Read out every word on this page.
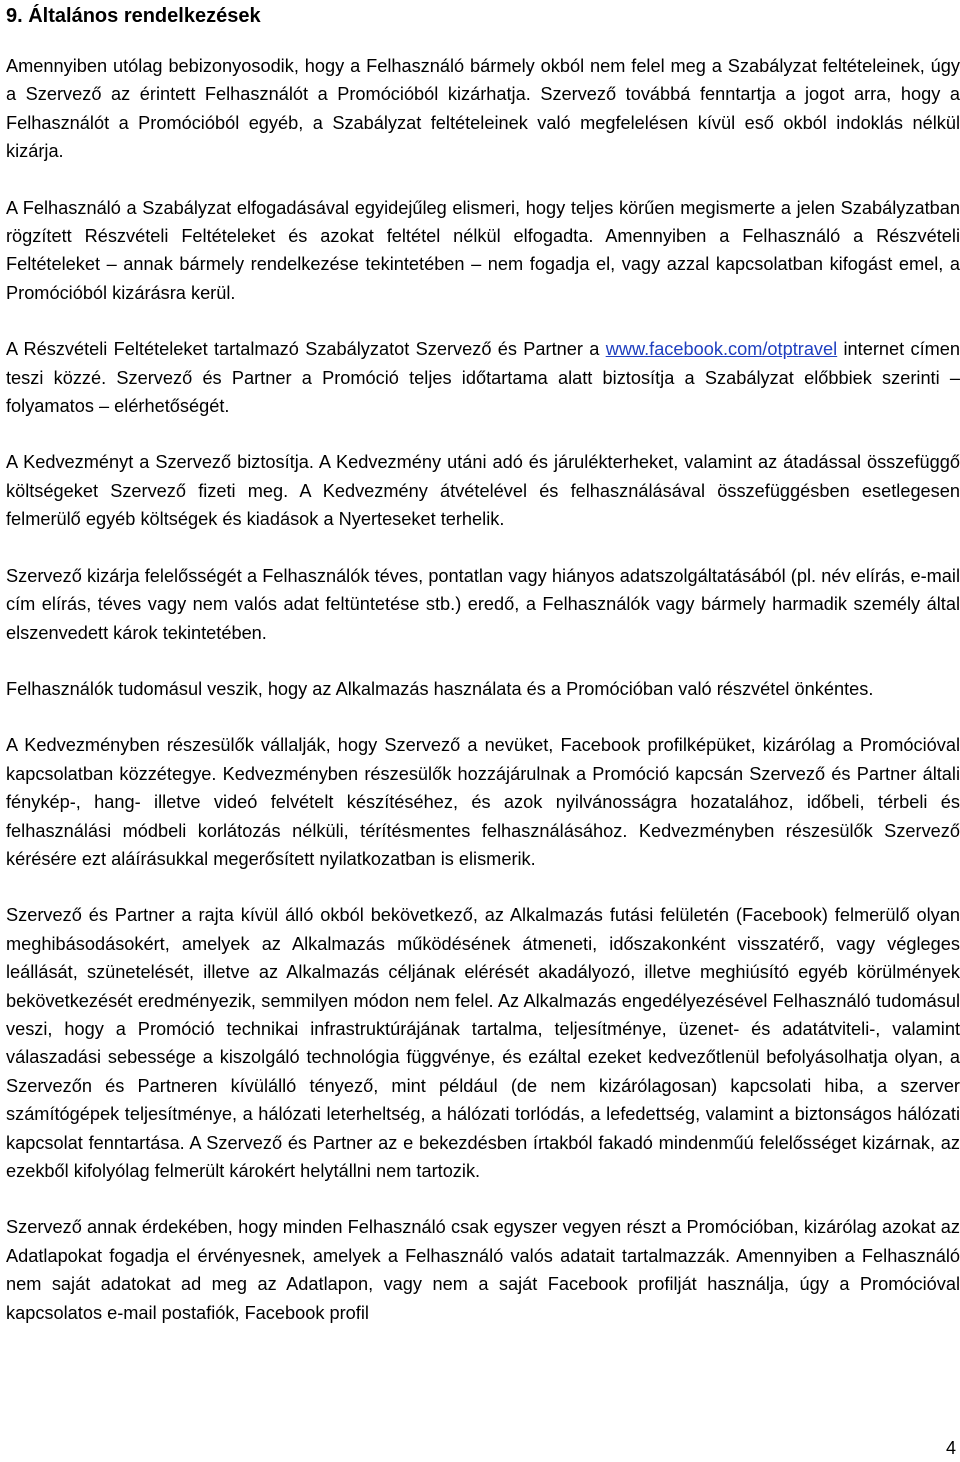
9. Általános rendelkezések

Amennyiben utólag bebizonyosodik, hogy a Felhasználó bármely okból nem felel meg a Szabályzat feltételeinek, úgy a Szervező az érintett Felhasználót a Promócióból kizárhatja. Szervező továbbá fenntartja a jogot arra, hogy a Felhasználót a Promócióból egyéb, a Szabályzat feltételeinek való megfelelésen kívül eső okból indoklás nélkül kizárja.

A Felhasználó a Szabályzat elfogadásával egyidejűleg elismeri, hogy teljes körűen megismerte a jelen Szabályzatban rögzített Részvételi Feltételeket és azokat feltétel nélkül elfogadta. Amennyiben a Felhasználó a Részvételi Feltételeket – annak bármely rendelkezése tekintetében – nem fogadja el, vagy azzal kapcsolatban kifogást emel, a Promócióból kizárásra kerül.

A Részvételi Feltételeket tartalmazó Szabályzatot Szervező és Partner a www.facebook.com/otptravel internet címen teszi közzé. Szervező és Partner a Promóció teljes időtartama alatt biztosítja a Szabályzat előbbiek szerinti – folyamatos – elérhetőségét.

A Kedvezményt a Szervező biztosítja. A Kedvezmény utáni adó és járulékterheket, valamint az átadással összefüggő költségeket Szervező fizeti meg. A Kedvezmény átvételével és felhasználásával összefüggésben esetlegesen felmerülő egyéb költségek és kiadások a Nyerteseket terhelik.

Szervező kizárja felelősségét a Felhasználók téves, pontatlan vagy hiányos adatszolgáltatásából (pl. név elírás, e-mail cím elírás, téves vagy nem valós adat feltüntetése stb.) eredő, a Felhasználók vagy bármely harmadik személy által elszenvedett károk tekintetében.

Felhasználók tudomásul veszik, hogy az Alkalmazás használata és a Promócióban való részvétel önkéntes.

A Kedvezményben részesülők vállalják, hogy Szervező a nevüket, Facebook profilképüket, kizárólag a Promócióval kapcsolatban közzétegye. Kedvezményben részesülők hozzájárulnak a Promóció kapcsán Szervező és Partner általi fénykép-, hang- illetve videó felvételt készítéséhez, és azok nyilvánosságra hozatalához, időbeli, térbeli és felhasználási módbeli korlátozás nélküli, térítésmentes felhasználásához. Kedvezményben részesülők Szervező kérésére ezt aláírásukkal megerősített nyilatkozatban is elismerik.

Szervező és Partner a rajta kívül álló okból bekövetkező, az Alkalmazás futási felületén (Facebook) felmerülő olyan meghibásodásokért, amelyek az Alkalmazás működésének átmeneti, időszakonként visszatérő, vagy végleges leállását, szünetelését, illetve az Alkalmazás céljának elérését akadályozó, illetve meghiúsító egyéb körülmények bekövetkezését eredményezik, semmilyen módon nem felel. Az Alkalmazás engedélyezésével Felhasználó tudomásul veszi, hogy a Promóció technikai infrastruktúrájának tartalma, teljesítménye, üzenet- és adatátviteli-, valamint válaszadási sebessége a kiszolgáló technológia függvénye, és ezáltal ezeket kedvezőtlenül befolyásolhatja olyan, a Szervezőn és Partneren kívülálló tényező, mint például (de nem kizárólagosan) kapcsolati hiba, a szerver számítógépek teljesítménye, a hálózati leterheltség, a hálózati torlódás, a lefedettség, valamint a biztonságos hálózati kapcsolat fenntartása. A Szervező és Partner az e bekezdésben írtakból fakadó mindenműú felelősséget kizárnak, az ezekből kifolyólag felmerült károkért helytállni nem tartozik.

Szervező annak érdekében, hogy minden Felhasználó csak egyszer vegyen részt a Promócióban, kizárólag azokat az Adatlapokat fogadja el érvényesnek, amelyek a Felhasználó valós adatait tartalmazzák. Amennyiben a Felhasználó nem saját adatokat ad meg az Adatlapon, vagy nem a saját Facebook profilját használja, úgy a Promócióval kapcsolatos e-mail postafiók, Facebook profil

4
